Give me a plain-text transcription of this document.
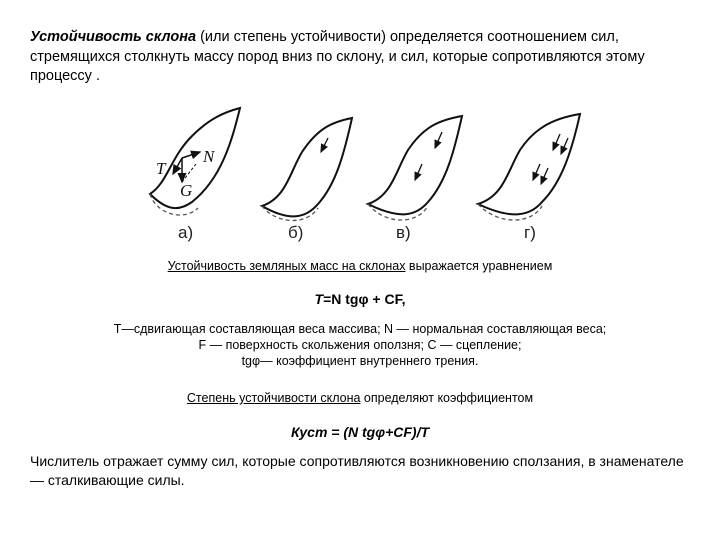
Устойчивость склона (или степень устойчивости) определяется соотношением сил, стремящихся столкнуть массу пород вниз по склону, и сил, которые сопротивляются этому процессу .
T
N
G
а)	б)	в)	г)
Устойчивость земляных масс на склонах выражается уравнением
T=N tgφ + CF,
T—сдвигающая составляющая веса массива; N — нормальная составляющая веса;
F — поверхность скольжения оползня; С — сцепление;
tgφ— коэффициент внутреннего трения.
Степень устойчивости склона определяют коэффициентом
Куст = (N tgφ+CF)/T
Числитель отражает сумму сил, которые сопротивляются возникновению сползания, в знаменателе — сталкивающие силы.
